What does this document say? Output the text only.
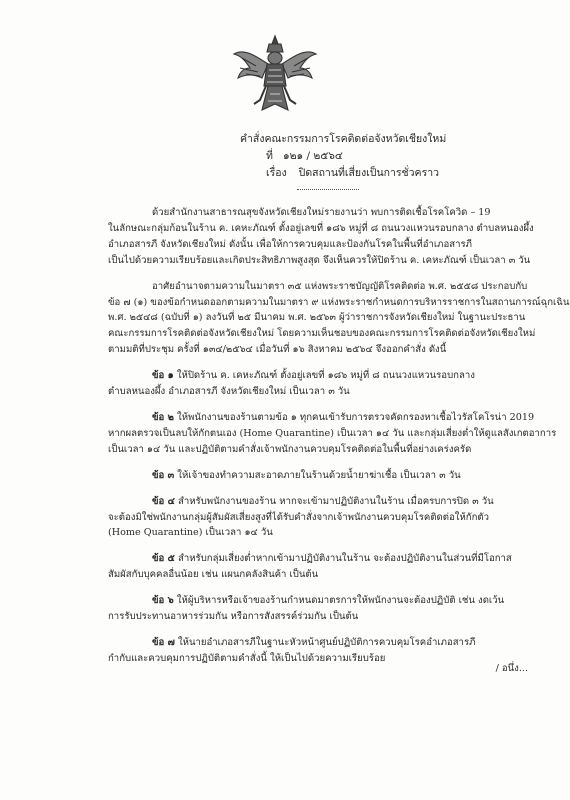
คำสั่งคณะกรรมการโรคติดต่อจังหวัดเชียงใหม่
ที่ ๑๒๑ / ๒๕๖๔
เรื่อง ปิดสถานที่เสี่ยงเป็นการชั่วคราว

ด้วยสำนักงานสาธารณสุขจังหวัดเชียงใหม่รายงานว่า พบการติดเชื้อโรคโควิด – 19
ในลักษณะกลุ่มก้อนในร้าน ค. เคหะภัณฑ์ ตั้งอยู่เลขที่ ๑๘๖ หมู่ที่ ๘ ถนนวงแหวนรอบกลาง ตำบลหนองผึ้ง
อำเภอสารภี จังหวัดเชียงใหม่ ดังนั้น เพื่อให้การควบคุมและป้องกันโรคในพื้นที่อำเภอสารภี
เป็นไปด้วยความเรียบร้อยและเกิดประสิทธิภาพสูงสุด จึงเห็นควรให้ปิดร้าน ค. เคหะภัณฑ์ เป็นเวลา ๓ วัน

อาศัยอำนาจตามความในมาตรา ๓๕ แห่งพระราชบัญญัติโรคติดต่อ พ.ศ. ๒๕๕๘ ประกอบกับ
ข้อ ๗ (๑) ของข้อกำหนดออกตามความในมาตรา ๙ แห่งพระราชกำหนดการบริหารราชการในสถานการณ์ฉุกเฉิน
พ.ศ. ๒๕๔๘ (ฉบับที่ ๑) ลงวันที่ ๒๕ มีนาคม พ.ศ. ๒๕๖๓ ผู้ว่าราชการจังหวัดเชียงใหม่ ในฐานะประธาน
คณะกรรมการโรคติดต่อจังหวัดเชียงใหม่ โดยความเห็นชอบของคณะกรรมการโรคติดต่อจังหวัดเชียงใหม่
ตามมติที่ประชุม ครั้งที่ ๑๓๔/๒๕๖๔ เมื่อวันที่ ๑๖ สิงหาคม ๒๕๖๔ จึงออกคำสั่ง ดังนี้

ข้อ ๑ ให้ปิดร้าน ค. เคหะภัณฑ์ ตั้งอยู่เลขที่ ๑๘๖ หมู่ที่ ๘ ถนนวงแหวนรอบกลาง
ตำบลหนองผึ้ง อำเภอสารภี จังหวัดเชียงใหม่ เป็นเวลา ๓ วัน

ข้อ ๒ ให้พนักงานของร้านตามข้อ ๑ ทุกคนเข้ารับการตรวจคัดกรองหาเชื้อไวรัสโคโรน่า 2019
หากผลตรวจเป็นลบให้กักตนเอง (Home Quarantine) เป็นเวลา ๑๔ วัน และกลุ่มเสี่ยงต่ำให้ดูแลสังเกตอาการ
เป็นเวลา ๑๔ วัน และปฏิบัติตามคำสั่งเจ้าพนักงานควบคุมโรคติดต่อในพื้นที่อย่างเคร่งครัด

ข้อ ๓ ให้เจ้าของทำความสะอาดภายในร้านด้วยน้ำยาฆ่าเชื้อ เป็นเวลา ๓ วัน

ข้อ ๔ สำหรับพนักงานของร้าน หากจะเข้ามาปฏิบัติงานในร้าน เมื่อครบการปิด ๓ วัน
จะต้องมิใช่พนักงานกลุ่มผู้สัมผัสเสี่ยงสูงที่ได้รับคำสั่งจากเจ้าพนักงานควบคุมโรคติดต่อให้กักตัว
(Home Quarantine) เป็นเวลา ๑๔ วัน

ข้อ ๕ สำหรับกลุ่มเสี่ยงต่ำหากเข้ามาปฏิบัติงานในร้าน จะต้องปฏิบัติงานในส่วนที่มีโอกาส
สัมผัสกับบุคคลอื่นน้อย เช่น แผนกคลังสินค้า เป็นต้น

ข้อ ๖ ให้ผู้บริหารหรือเจ้าของร้านกำหนดมาตรการให้พนักงานจะต้องปฏิบัติ เช่น งดเว้น
การรับประทานอาหารร่วมกัน หรือการสังสรรค์ร่วมกัน เป็นต้น

ข้อ ๗ ให้นายอำเภอสารภีในฐานะหัวหน้าศูนย์ปฏิบัติการควบคุมโรคอำเภอสารภี
กำกับและควบคุมการปฏิบัติตามคำสั่งนี้ ให้เป็นไปด้วยความเรียบร้อย

/ อนึ่ง...
